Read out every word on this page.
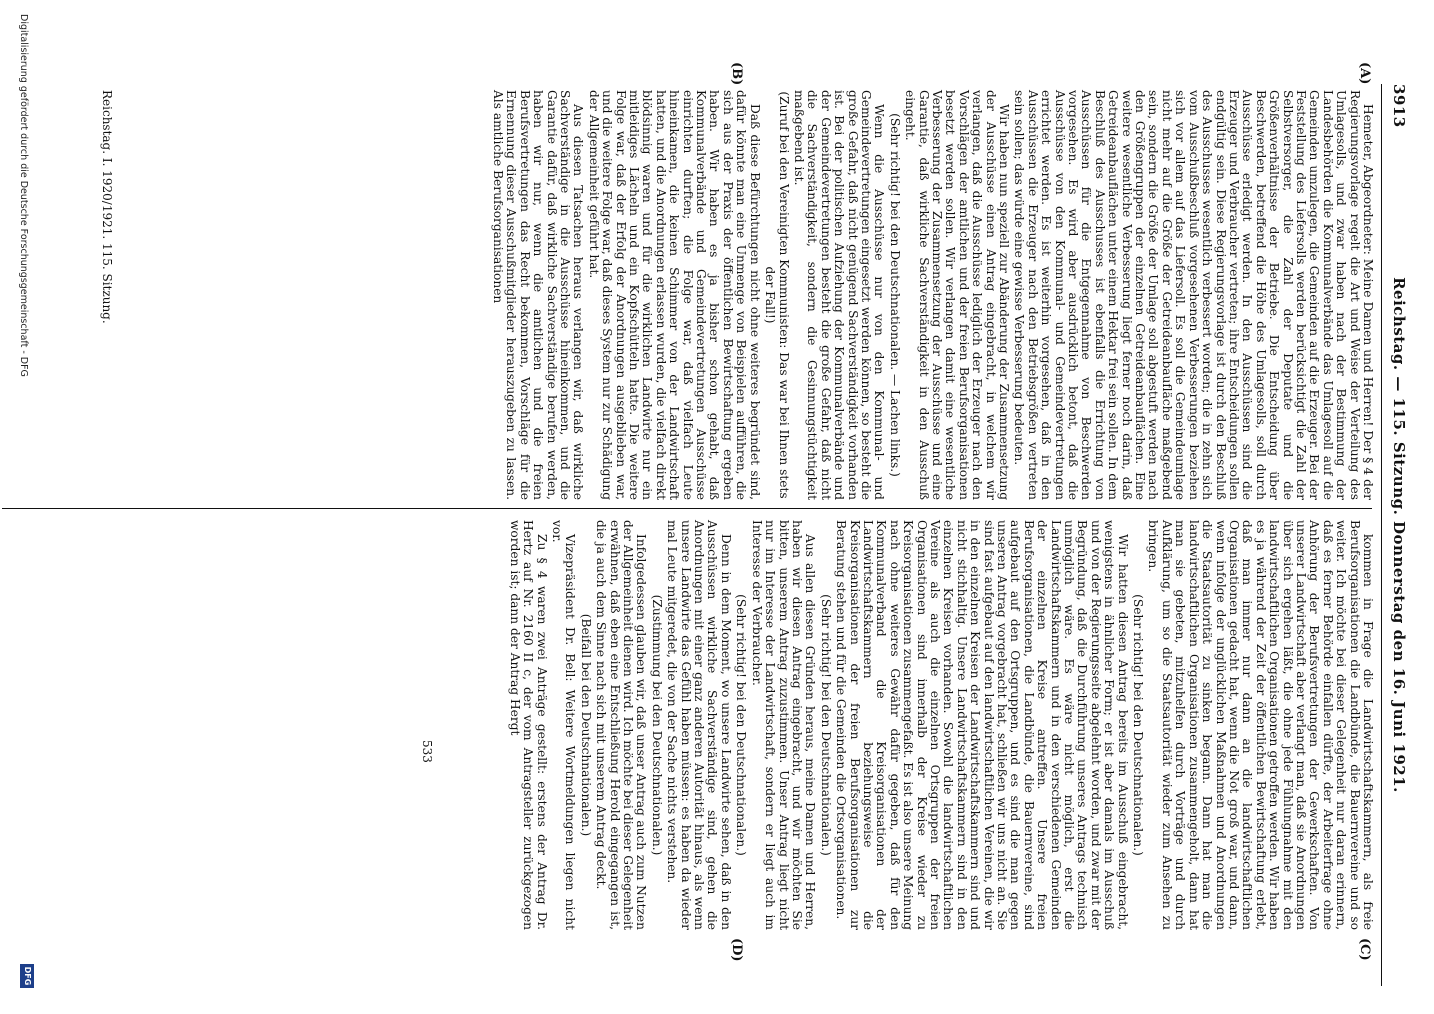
3913
Reichstag. — 115. Sitzung. Donnerstag den 16. Juni 1921.
(A)
(B)
(C)
(D)

Hemeter, Abgeordneter: Meine Damen und Herren! Der § 4 der Regierungsvorlage regelt die Art und Weise der Verteilung des Umlagesolls, und zwar haben nach der Bestimmung der Landesbehörden die Kommunalverbände das Umlagesoll auf die Gemeinden umzulegen, die Gemeinden auf die Erzeuger. Bei der Feststellung des Liefersolls werden berücksichtigt die Zahl der Selbstversorger, die Zahl der Deputate und die Größenverhältnisse der Betriebe. Die Entscheidung über Beschwerden, betreffend die Höhe des Umlagesolls, soll durch Ausschüsse erledigt werden. In den Ausschüssen sind die Erzeuger und Verbraucher vertreten; ihre Entscheidungen sollen endgültig sein. Diese Regierungsvorlage ist durch den Beschluß des Ausschusses wesentlich verbessert worden; die in zehn sich vom Ausschußbeschluß vorgesehenen Verbesserungen beziehen sich vor allem auf das Liefersoll. Es soll die Gemeindeumlage nicht mehr auf die Größe der Getreideanbaufläche maßgebend sein, sondern die Größe der Umlage soll abgestuft werden nach den Größengruppen der einzelnen Getreideanbauflächen. Eine weitere wesentliche Verbesserung liegt ferner noch darin, daß Getreideanbauflächen unter einem Hektar frei sein sollen. In dem Beschluß des Ausschusses ist ebenfalls die Errichtung von Ausschüssen für die Entgegennahme von Beschwerden vorgesehen. Es wird aber ausdrücklich betont, daß die Ausschüsse von den Kommunal- und Gemeindevertretungen errichtet werden. Es ist weiterhin vorgesehen, daß in den Ausschüssen die Erzeuger nach den Betriebsgrößen vertreten sein sollen; das würde eine gewisse Verbesserung bedeuten.

Wir haben nun speziell zur Abänderung der Zusammensetzung der Ausschüsse einen Antrag eingebracht, in welchem wir verlangen, daß die Ausschüsse lediglich der Erzeuger nach den Vorschlägen der amtlichen und der freien Berufsorganisationen besetzt werden sollen. Wir verlangen damit eine wesentliche Verbesserung der Zusammensetzung der Ausschüsse und eine Garantie, daß wirkliche Sachverständigkeit in den Ausschuß eingeht.

(Sehr richtig! bei den Deutschnationalen. — Lachen links.)

Wenn die Ausschüsse nur von den Kommunal- und Gemeindevertretungen eingesetzt werden können, so besteht die große Gefahr, daß nicht genügend Sachverständigkeit vorhanden ist. Bei der politischen Aufziehung der Kommunalverbände und der Gemeindevertretungen besteht die große Gefahr, daß nicht die Sachverständigkeit, sondern die Gesinnungstüchtigkeit maßgebend ist.

(Zuruf bei den Vereinigten Kommunisten: Das war bei Ihnen stets der Fall!)

Daß diese Befürchtungen nicht ohne weiteres begründet sind, dafür könnte man eine Unmenge von Beispielen aufführen, die sich aus der Praxis der öffentlichen Bewirtschaftung ergeben haben. Wir haben es ja bisher schon gehabt, daß Kommunalverbände und Gemeindevertretungen Ausschüsse einrichten durften; die Folge war, daß vielfach Leute hineinkamen, die keinen Schimmer von der Landwirtschaft hatten, und die Anordnungen erlassen wurden, die vielfach direkt blödsinnig waren und für die wirklichen Landwirte nur ein mitleidiges Lächeln und ein Kopfschütteln hatte. Die weitere Folge war, daß der Erfolg der Anordnungen ausgeblieben war, und die weitere Folge war, daß dieses System nur zur Schädigung der Allgemeinheit geführt hat.

Aus diesen Tatsachen heraus verlangen wir, daß wirkliche Sachverständige in die Ausschüsse hineinkommen, und die Garantie dafür, daß wirkliche Sachverständige berufen werden, haben wir nur, wenn die amtlichen und die freien Berufsvertretungen das Recht bekommen, Vorschläge für die Ernennung dieser Ausschußmitglieder herauszugeben zu lassen. Als amtliche Berufsorganisationen

Reichstag. I. 1920/1921. 115. Sitzung.

kommen in Frage die Landwirtschaftskammern, als freie Berufsorganisationen die Landbünde, die Bauernvereine und so weiter. Ich möchte bei dieser Gelegenheit nur daran erinnern, daß es ferner Behörde einfallen dürfte, der Arbeiterfrage ohne Anhörung der Berufsvertretungen der Gewerkschaften. Von unserer Landwirtschaft aber verlangt man, daß sie Anordnungen über sich ergehen läßt, die ohne jede Fühlungnahme mit den landwirtschaftlichen Organisationen getroffen werden. Wir haben es ja während der Zeit der öffentlichen Bewirtschaftung erlebt, daß man immer nur dann an die landwirtschaftlichen Organisationen gedacht hat, wenn die Not groß war, und dann, wenn infolge der unglücklichen Maßnahmen und Anordnungen die Staatsautorität zu sinken begann. Dann hat man die landwirtschaftlichen Organisationen zusammengeholt, dann hat man sie gebeten, mitzuhelfen durch Vorträge und durch Aufklärung, um so die Staatsautorität wieder zum Ansehen zu bringen.

(Sehr richtig! bei den Deutschnationalen.)

Wir hatten diesen Antrag bereits im Ausschuß eingebracht, wenigstens in ähnlicher Form; er ist aber damals im Ausschuß und von der Regierungsseite abgelehnt worden, und zwar mit der Begründung, daß die Durchführung unseres Antrags technisch unmöglich wäre. Es wäre nicht möglich, erst die Landwirtschaftskammern und in den verschiedenen Gemeinden der einzelnen Kreise antreffen. Unsere freien Berufsorganisationen, die Landbünde, die Bauernvereine, sind aufgebaut auf den Ortsgruppen, und es sind die man gegen unseren Antrag vorgebracht hat, schließen wir uns nicht an. Sie sind fast aufgebaut auf den landwirtschaftlichen Vereinen, die wir in den einzelnen Kreisen der Landwirtschaftskammern sind und nicht stichhaltig. Unsere Landwirtschaftskammern sind in den einzelnen Kreisen vorhanden. Sowohl die landwirtschaftlichen Vereine als auch die einzelnen Ortsgruppen der freien Organisationen sind innerhalb der Kreise wieder zu Kreisorganisationen zusammengefaßt. Es ist also unsere Meinung nach ohne weiteres Gewähr dafür gegeben, daß für den Kommunalverband die Kreisorganisationen der Landwirtschaftskammern beziehungsweise die Kreisorganisationen der freien Berufsorganisationen zur Beratung stehen und für die Gemeinden die Ortsorganisationen.

(Sehr richtig! bei den Deutschnationalen.)

Aus allen diesen Gründen heraus, meine Damen und Herren, haben wir diesen Antrag eingebracht, und wir möchten Sie bitten, unserem Antrag zuzustimmen. Unser Antrag liegt nicht nur im Interesse der Landwirtschaft, sondern er liegt auch im Interesse der Verbraucher.

(Sehr richtig! bei den Deutschnationalen.)

Denn in dem Moment, wo unsere Landwirte sehen, daß in den Ausschüssen wirkliche Sachverständige sind, gehen die Anordnungen mit einer ganz anderen Autorität hinaus, als wenn unsere Landwirte das Gefühl haben müssen: es haben da wieder mal Leute mitgeredet, die von der Sache nichts verstehen.

(Zustimmung bei den Deutschnationalen.)

Infolgedessen glauben wir, daß unser Antrag auch zum Nutzen der Allgemeinheit dienen wird. Ich möchte bei dieser Gelegenheit erwähnen, daß eben eine Entschließung Herold eingegangen ist, die ja auch dem Sinne nach sich mit unserem Antrag deckt.

(Beifall bei den Deutschnationalen.)

Vizepräsident Dr. Bell: Weitere Wortmeldungen liegen nicht vor.

Zu § 4 waren zwei Anträge gestellt: erstens der Antrag Dr. Hertz auf Nr. 2160 II c, der vom Antragsteller zurückgezogen worden ist; dann der Antrag Hergt

533
Digitalisierung gefördert durch die Deutsche Forschungsgemeinschaft - DFG
DFG
